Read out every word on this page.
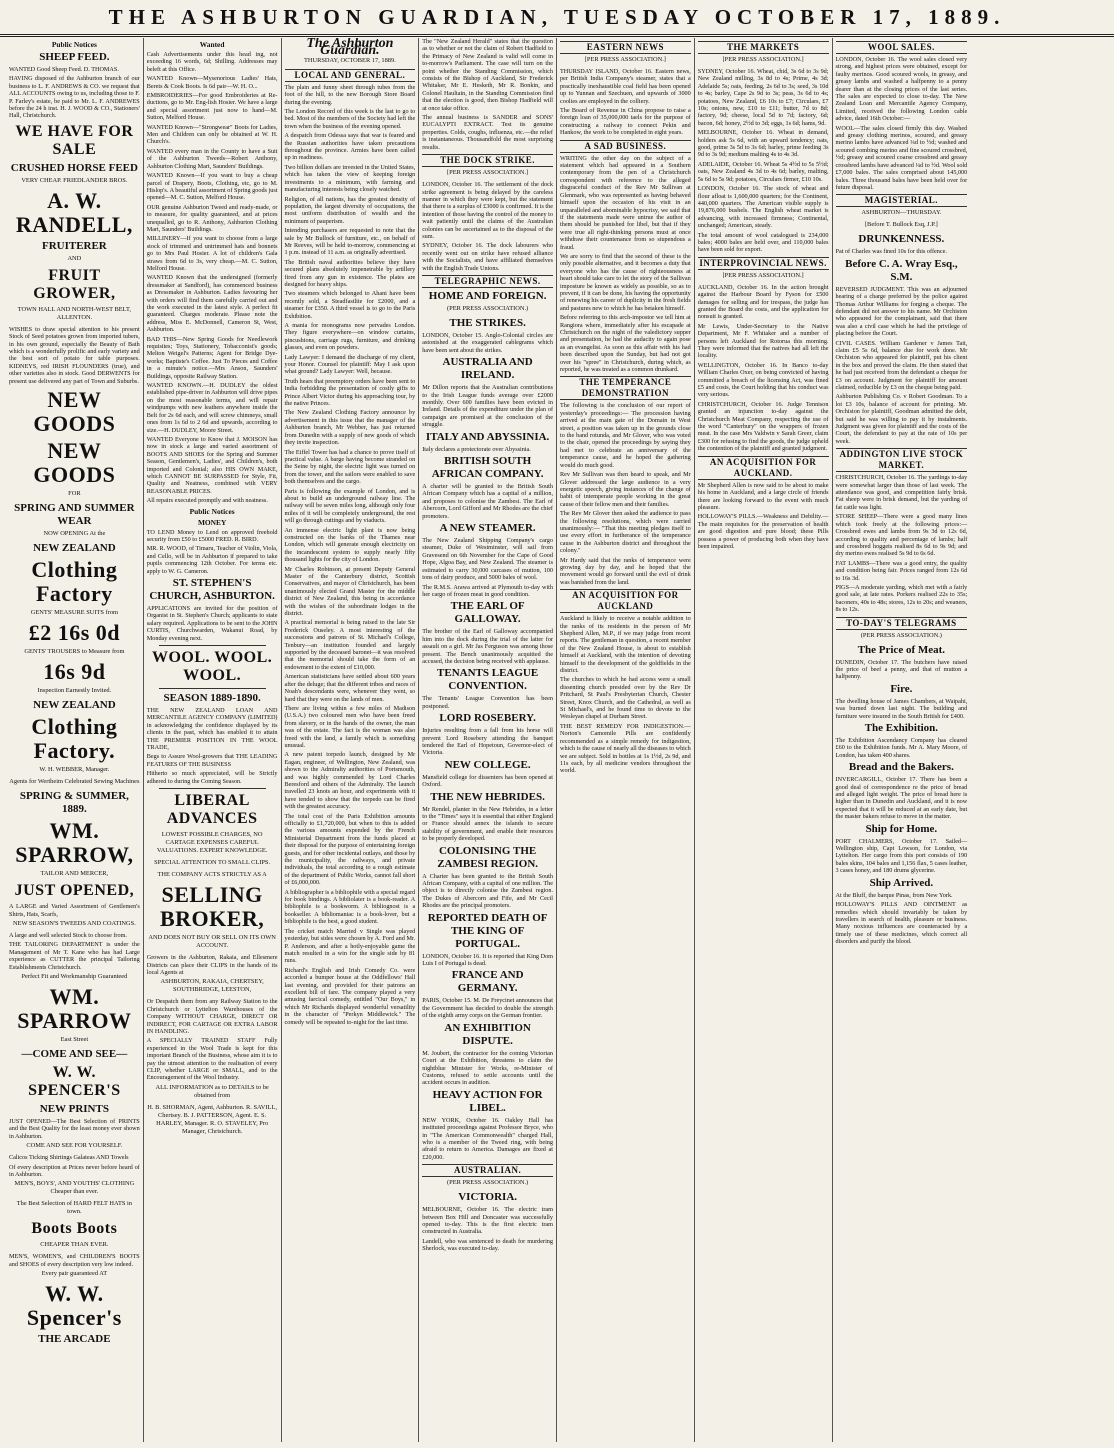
THE ASHBURTON GUARDIAN, TUESDAY OCTOBER 17, 1889.
Public Notices
SHEEP FEED.
WANTED Good Sheep Feed. D. THOMAS.
HAVING disposed of the Ashburton branch of our business to L. F. ANDREWS & CO. we request that ALL ACCOUNTS owing to us, including those to F. P. Farley's estate, be paid to Mr. L. F. ANDREWES before the 24 h inst. H. J. WOOD & CO., Stationers' Hall, Christchurch.
WE HAVE FOR SALE
CRUSHED HORSE FEED
VERY CHEAP. FRIEDLANDER BROS.
A. W. RANDELL,
FRUITERER
AND
FRUIT GROWER,
TOWN HALL AND NORTH-WEST BELT, ALLENTON.
WISHES to draw special attention to his present Stock of Seed potatoes grown from imported tubers, in his own ground, especially the Beauty of Bath which is a wonderfully prolific and early variety and the best sort of potato for table purposes. KIDNEYS, red IRISH FLOUNDERS (true), and other varieties also in stock. Good DERWENTS for present use delivered any part of Town and Suburbs.
NEW GOODS
NEW GOODS
FOR
SPRING AND SUMMER WEAR
NOW OPENING At the
NEW ZEALAND
Clothing Factory
GENTS' MEASURE SUITS from
£2 16s 0d
GENTS' TROUSERS to Measure from
16s 9d
Inspection Earnestly Invited.
NEW ZEALAND
Clothing Factory.
W. H. WEBBER, Manager.
Agents for Wertheim Celebrated Sewing Machines
SPRING & SUMMER, 1889.
WM. SPARROW,
TAILOR AND MERCER,
JUST OPENED,
A LARGE and Varied Assortment of Gentlemen's Shirts, Hats, Scarfs,
NEW SEASON'S TWEEDS AND COATINGS.
A large and well selected Stock to choose from.
THE TAILORING DEPARTMENT is under the Management of Mr T. Kane who has had Large experience as CUTTER the principal Tailoring Establishments Christchurch.
Perfect Fit and Workmanship Guaranteed
WM. SPARROW
East Street
—COME AND SEE—
W. W. SPENCER'S
NEW PRINTS
JUST OPENED—The Best Selection of PRINTS and the Best Quality for the least money ever shown in Ashburton.
COME AND SEE FOR YOURSELF.
Calicos Ticking Shirtings Galateas AND Towels
Of every description at Prices never before heard of in Ashburton.
MEN'S, BOYS', AND YOUTHS' CLOTHING Cheaper than ever.
The Best Selection of HARD FELT HATS in town.
Boots Boots
CHEAPER THAN EVER.
MEN'S, WOMEN'S, and CHILDREN'S BOOTS and SHOES of every description very low indeed.
Every pair guaranteed AT
W. W. Spencer's
THE ARCADE
Wanted
Cash Advertisements under this head ing, not exceeding 16 words, 6d; Shilling. Addresses may beleft at this Office.
WANTED Known—Mysenorious Ladies' Hats, Berets & Cook Boots. Is 6d pair—W. H. O...
EMBROIDERIES—For good Embroideries at Re-ductions, go to Mr. Eng-lish Hosier. We have a large and special assortment just now to hand—M. Sutton, Melford House.
WANTED Known—"Strongwear" Boots for Ladies, Men and Children can only be obtained at W. H. Church's.
WANTED every man in the County to have a Suit of the Ashburton Tweeds—Robert Anthony, Ashburton Clothing Mart, Saunders' Buildings.
WANTED Known—If you want to buy a cheap parcel of Drapery, Boots, Clothing, etc, go to M. Hislop's. A beautiful assortment of Spring goods just opened—M. C. Sutton, Melford House.
OUR genuine Ashburton Tweed and ready-made, or to measure, for quality guaranteed, and at prices unequalled, go to R. Anthony, Ashburton Clothing Mart, Saunders' Buildings.
MILLINERY—If you want to choose from a large stock of trimmed and untrimmed hats and bonnets go to Mrs Paul Hosier. A lot of children's Gala straws from 6d to 3s, very cheap.—M. C. Sutton, Melford House.
WANTED Known that the undersigned (formerly dressmaker at Sandford), has commenced business as Dressmaker in Ashburton. Ladies favouring her with orders will find them carefully carried out and the work executed in the latest style. A perfect fit guaranteed. Charges moderate. Please note the address, Miss E. McDonnell, Cameron St, West, Ashburton.
BAD THIS—New Spring Goods for Needlework requisites; Toys, Stationery, Tobacconist's goods; Melton Weigel's Patterns; Agent for Bridge Dye-works; Baptiste's Coffee. Just To Pieces and Coffee in a minute's notice.—Mrs Anson, Saunders' Buildings, opposite Railway Station.
WANTED KNOWN.—H. DUDLEY the oldest established pipe-driver in Ashburton will drive pipes on the most reasonable terms, and will repair windpumps with new leathers anywhere inside the Belt for 2s 6d each, and will screw chimneys, small ones from 1s 6d to 2 6d and upwards, according to size.—H. DUDLEY, Moore Street.
WANTED Everyone to Know that J. MOISON has now in stock a large and varied assortment of BOOTS AND SHOES for the Spring and Summer Season, Gentlemen's, Ladies', and Children's, both imported and Colonial; also HIS OWN MAKE, which CANNOT BE SURPASSED for Style, Fit, Quality and Neatness, combined with VERY REASONABLE PRICES.
All repairs executed promptly and with neatness.
Public Notices
MONEY
TO LEND Money to Lend on approved freehold security from £50 to £5000 FRED. R. BIRD.
MR. R. WOOD, of Timaru, Teacher of Violin, Viola, and Cello, will be in Ashburton if prepared to take pupils commencing 12th October. For terms etc. apply to W. G. Cameron.
ST. STEPHEN'S CHURCH, ASHBURTON.
APPLICATIONS are invited for the position of Organist in St. Stephen's Church; applicants to state salary required. Applications to be sent to the JOHN CURTIS, Churchwarden, Wakanui Road, by Monday evening next.
WOOL. WOOL. WOOL.
SEASON 1889-1890.
THE NEW ZEALAND LOAN AND MERCANTILE AGENCY COMPANY (LIMITED) in acknowledging the confidence displayed by its clients in the past, which has enabled it to attain THE PREMIER POSITION IN THE WOOL TRADE,
Begs to Assure Wool-growers that THE LEADING FEATURES OF THE BUSINESS
Hitherto so much appreciated, will be Strictly adhered to during the Coming Season.
LIBERAL ADVANCES
LOWEST POSSIBLE CHARGES, NO CARTAGE EXPENSES CAREFUL VALUATIONS. EXPERT KNOWLEDGE.
SPECIAL ATTENTION TO SMALL CLIPS.
THE COMPANY ACTS STRICTLY AS A
SELLING BROKER,
AND DOES NOT BUY OR SELL ON ITS OWN ACCOUNT.
Growers in the Ashburton, Rakaia, and Ellesmere Districts can place their CLIPS in the hands of its local Agents at
ASHBURTON, RAKAIA, CHERTSEY, SOUTHBRIDGE, LEESTON,
Or Despatch them from any Railway Station to the Christchurch or Lyttelton Warehouses of the Company WITHOUT CHARGE, DIRECT OR INDIRECT, FOR CARTAGE OR EXTRA LABOR IN HANDLING.
A SPECIALLY TRAINED STAFF Fully experienced in the Wool Trade is kept for this important Branch of the Business, whose aim it is to pay the utmost attention to the realisation of every CLIP, whether LARGE or SMALL, and to the Encouragement of the Wool Industry.
ALL INFORMATION as to DETAILS to be obtained from
H. B. SHORMAN, Agent, Ashburton. R. SAVILL, Chertsey. B. J. PATTERSON, Agent. E. S. HARLEY, Manager. R. O. STAVELEY, Pro Manager, Christchurch.
The Ashburton Guardian.
THURSDAY, OCTOBER 17, 1889.
LOCAL AND GENERAL.
The plain and funny sheet through tubes from the foot of the hill, to the new Borough Store Board during the evening.
The London Record of this week is the last to go to bed. Most of the members of the Society had left the town when the business of the evening opened.
A despatch from Odessa says that war is feared and the Russian authorities have taken precautions throughout the province. Armies have been called up in readiness.
Two billion dollars are invested in the United States, which has taken the view of keeping foreign investments to a minimum, with farming and manufacturing interests being closely watched.
Religion, of all nations, has the greatest density of population, the largest diversity of occupations, the most uniform distribution of wealth and the minimum of pauperism.
Intending purchasers are requested to note that the sale by Mr Bullock of furniture, etc., on behalf of Mr Reeves, will be held to-morrow, commencing at 1 p.m. instead of 11 a.m. as originally advertised.
The British naval authorities believe they have secured plans absolutely impenetrable by artillery fired from any gun in existence. The plates are designed for heavy ships.
Two steamers which belonged to Ahani have been recently sold, a Steadfastlite for £2000, and a steamer for £350. A third vessel is to go to the Paris Exhibition.
A mania for monograms now pervades London. They figure everywhere—on window curtains, pincushions, carriage rugs, furniture, and drinking glasses, and even on powders.
Lady Lawyer: I demand the discharge of my client, your Honor. Counsel for plaintiff: May I ask upon what ground? Lady Lawyer: Well, because.
Truth hears that preemptory orders have been sent to India forbidding the presentation of costly gifts to Prince Albert Victor during his approaching tour, by the native Princes.
The New Zealand Clothing Factory announce by advertisement in this issue that the manager of the Ashburton branch, Mr Webber, has just returned from Dunedin with a supply of new goods of which they invite inspection.
The Eiffel Tower has had a chance to prove itself of practical value. A barge having become stranded on the Seine by night, the electric light was turned on from the tower, and the sailors were enabled to save both themselves and the cargo.
Paris is following the example of London, and is about to build an underground railway line. The railway will be seven miles long, although only four miles of it will be completely underground, the rest will go through cuttings and by viaducts.
An immense electric light plant is now being constructed on the banks of the Thames near London, which will generate enough electricity on the incandescent system to supply nearly fifty thousand lights for the city of London.
Mr Charles Robinson, at present Deputy General Master of the Canterbury district, Scottish Conservatives, and mayor of Christchurch, has been unanimously elected Grand Master for the middle district of New Zealand, this being in accordance with the wishes of the subordinate lodges in the district.
A practical memorial is being raised to the late Sir Frederick Ouseley. A most interesting of the successions and patrons of St. Michael's College, Tenbury—an institution founded and largely supported by the deceased baronet—it was resolved that the memorial should take the form of an endowment to the extent of £10,000.
American statisticians have settled about 600 years after the deluge; that the different tribes and races of Noah's descendants were, whenever they went, so hard that they were on the lands of men.
There are living within a few miles of Madison (U.S.A.) two coloured men who have been freed from slavery, or in the hands of the owner, the man was of the estate. The fact is the woman was also freed with the land, a family which is something unusual.
A new patent torpedo launch, designed by Mr Eagan, engineer, of Wellington, New Zealand, was shown to the Admiralty authorities of Portsmouth, and was highly commended by Lord Charles Beresford and others of the Admiralty. The launch travelled 23 knots an hour, and experiments with it have tended to show that the torpedo can be fired with the greatest accuracy.
The total cost of the Paris Exhibition amounts officially to £1,720,000, but when to this is added the various amounts expended by the French Ministerial Department from the funds placed at their disposal for the purpose of entertaining foreign guests, and for other incidental outlays, and those by the municipality, the railways, and private individuals, the total according to a rough estimate of the department of Public Works, cannot fall short of £6,000,000.
A bibliographer is a bibliophile with a special regard for book bindings. A bibliolater is a book-reader. A bibliophile is a bookworm. A bibliognost is a bookseller. A bibliomaniac is a book-lover, but a bibliophile is the best, a good student.
The cricket match Married v Single was played yesterday, but sides were chosen by A. Ford and Mr. P. Anderson, and after a hotly-enjoyable game the match resulted in a win for the single side by 81 runs.
Richard's English and Irish Comedy Co. were accorded a bumper house at the Oddfellows' Hall last evening, and provided for their patrons an excellent bill of fare. The company played a very amusing farcical comedy, entitled "Our Boys," in which Mr Richards displayed wonderful versatility in the character of "Perkyn Middlewick." The comedy will be repeated to-night for the last time.
The "New Zealand Herald" states that the question as to whether or not the claim of Robert Hadfield to the Primacy of New Zealand is valid will come in to-morrow's Parliament. The case will turn on the point whether the Standing Commission, which consists of the Bishop of Auckland, Sir Frederick Whitaker, Mr E. Hesketh, Mr R. Bonkin, and Colonel Haultain, in the Standing Commission find that the election is good, then Bishop Hadfield will at once take office.
The annual business is SANDER and SONS' EUCALYPTI EXTRACT. Test its genuine properties. Colds, coughs, influenza, etc.—the relief is instantaneous. Thousandfold the most surprising results.
THE DOCK STRIKE.
[PER PRESS ASSOCIATION.]
LONDON, October 16. The settlement of the dock strike agreement is being delayed by the careless manner in which they were kept, but the statement that there is a surplus of £3000 is confirmed. It is the intention of those having the control of the money to wait patiently until the claims of the Australian colonies can be ascertained as to the disposal of the sum.
SYDNEY, October 16. The dock labourers who recently went out on strike have refused alliance with the Socialists, and have affiliated themselves with the English Trade Unions.
TELEGRAPHIC NEWS.
HOME AND FOREIGN.
(PER PRESS ASSOCIATION.)
THE STRIKES.
LONDON, October 15. Anglo-Colonial circles are astonished at the exaggerated cablegrams which have been sent about the strikes.
AUSTRALIA AND IRELAND.
Mr Dillon reports that the Australian contributions to the Irish League funds average over £2000 monthly. Over 600 families have been evicted in Ireland. Details of the expenditure under the plan of campaign are promised at the conclusion of the struggle.
ITALY AND ABYSSINIA.
Italy declares a protectorate over Abyssinia.
BRITISH SOUTH AFRICAN COMPANY.
A charter will be granted to the British South African Company which has a capital of a million, and proposes to colonise the Zambesi. The Earl of Abercorn, Lord Gifford and Mr Rhodes are the chief promoters.
A NEW STEAMER.
The New Zealand Shipping Company's cargo steamer, Duke of Westminster, will sail from Gravesend on 6th November for the Cape of Good Hope, Algoa Bay, and New Zealand. The steamer is estimated to carry 30,000 carcases of mutton, 100 tons of dairy produce, and 5000 bales of wool.
The R.M.S. Arawa arrived at Plymouth to-day with her cargo of frozen meat in good condition.
THE EARL OF GALLOWAY.
The brother of the Earl of Galloway accompanied him into the dock during the trial of the latter for assault on a girl. Mr Jas Ferguson was among those present. The Bench unanimously acquitted the accused, the decision being received with applause.
TENANTS LEAGUE CONVENTION.
The Tenants' League Convention has been postponed.
LORD ROSEBERY.
Injuries resulting from a fall from his horse will prevent Lord Rosebery attending the banquet tendered the Earl of Hopetoun, Governor-elect of Victoria.
NEW COLLEGE.
Mansfield college for dissenters has been opened at Oxford.
THE NEW HEBRIDES.
Mr Rendel, planter in the New Hebrides, in a letter to the "Times" says it is essential that either England or France should annex the islands to secure stability of government, and enable their resources to be properly developed.
COLONISING THE ZAMBESI REGION.
A Charter has been granted to the British South African Company, with a capital of one million. The object is to directly colonise the Zambesi region. The Dukes of Abercorn and Fife, and Mr Cecil Rhodes are the principal promoters.
REPORTED DEATH OF THE KING OF PORTUGAL.
LONDON, October 16. It is reported that King Dom Luis I of Portugal is dead.
FRANCE AND GERMANY.
PARIS, October 15. M. De Freycinet announces that the Government has decided to double the strength of the eighth army corps on the German frontier.
AN EXHIBITION DISPUTE.
M. Joubert, the contractor for the coming Victorian Court at the Exhibition, threatens to claim the nightblue Minister for Works, re-Minister of Customs, refused to settle accounts until the accident occurs in audition.
HEAVY ACTION FOR LIBEL.
NEW YORK, October 16. Oakley Hall has instituted proceedings against Professor Bryce, who in "The American Commonwealth" charged Hall, who is a member of the Tweed ring, with being afraid to return to America. Damages are fixed at £20,000.
AUSTRALIAN.
(PER PRESS ASSOCIATION.)
VICTORIA.
MELBOURNE, October 16. The electric tram between Box Hill and Doncaster was successfully opened to-day. This is the first electric tram constructed in Australia.
Landell, who was sentenced to death for murdering Sherlock, was executed to-day.
EASTERN NEWS
[PER PRESS ASSOCIATION.]
THURSDAY ISLAND, October 16. Eastern news, per British India Company's steamer, states that a practically inexhaustible coal field has been opened up to Yunnan and Szechuen, and upwards of 3000 coolies are employed in the colliery.
The Board of Revenue in China propose to raise a foreign loan of 35,000,000 taels for the purpose of constructing a railway to connect Pekin and Hankow, the work to be completed in eight years.
A SAD BUSINESS.
WRITING the other day on the subject of a statement which had appeared in a Southern contemporary from the pen of a Christchurch correspondent with reference to the alleged disgraceful conduct of the Rev Mr Sullivan at Glenmark, who was represented as having behaved himself upon the occasion of his visit in an unparalleled and abominable hypocrisy, we said that if the statements made were untrue the author of them should be punished for libel, but that if they were true all right-thinking persons must at once withdraw their countenance from so stupendous a fraud.
We are sorry to find that the second of these is the only possible alternative, and it becomes a duty that everyone who has the cause of righteousness at heart should take care to let the story of the Sullivan imposture be known as widely as possible, so as to prevent, if it can be done, his having the opportunity of renewing his career of duplicity in the fresh fields and pastures new to which he has betaken himself.
Before referring to this arch-impostor we tell him at Rangiora where, immediately after his escapade at Christchurch on the night of the valedictory supper and presentation, he had the audacity to again pose as an evangelist. As soon as this affair with his had been described upon the Sunday, but had not got over his "spree" in Christchurch, during which, as reported, he was treated as a common drunkard.
THE TEMPERANCE DEMONSTRATION
The following is the conclusion of our report of yesterday's proceedings:— The procession having arrived at the main gate of the Domain in West street, a position was taken up in the grounds close to the band rotunda, and Mr Glover, who was voted to the chair, opened the proceedings by saying they had met to celebrate an anniversary of the temperance cause, and he hoped the gathering would do much good.
Rev Mr Sullivan was then heard to speak, and Mr Glover addressed the large audience in a very energetic speech, giving instances of the change of habit of intemperate people working in the great cause of their fellow men and their families.
The Rev Mr Glover then asked the audience to pass the following resolutions, which were carried unanimously:— "That this meeting pledges itself to use every effort in furtherance of the temperance cause in the Ashburton district and throughout the colony."
Mr Hardy said that the ranks of temperance were growing day by day, and he hoped that the movement would go forward until the evil of drink was banished from the land.
AN ACQUISITION FOR AUCKLAND
Auckland is likely to receive a notable addition to the ranks of its residents in the person of Mr Shepherd Allen, M.P., if we may judge from recent reports. The gentleman in question, a recent member of the New Zealand House, is about to establish himself at Auckland, with the intention of devoting himself to the development of the goldfields in the district.
The churches to which he had access were a small dissenting church presided over by the Rev Dr Pritchard, St Paul's Presbyterian Church, Chester Street, Knox Church, and the Cathedral, as well as St Michael's, and he found time to devote to the Wesleyan chapel at Durham Street.
THE BEST REMEDY FOR INDIGESTION.—Norton's Camomile Pills are confidently recommended as a simple remedy for indigestion, which is the cause of nearly all the diseases to which we are subject. Sold in bottles at 1s 1½d, 2s 9d, and 11s each, by all medicine vendors throughout the world.
THE MARKETS
[PER PRESS ASSOCIATION.]
SYDNEY, October 16. Wheat, chid, 3s 6d to 3s 9d; New Zealand milling, 3s 8d to 4s; Prime, 4s 3d; Adelaide 5s; oats, feeding, 2s 6d to 3s; seed, 3s 10d to 4s; barley, Cape 2s 9d to 3s; peas, 3s 6d to 4s; potatoes, New Zealand, £6 10s to £7; Circulars, £7 10s; onions, new, £10 to £11; butter, 7d to 8d; factory, 9d; cheese, local 5d to 7d; factory, 6d; bacon, 6d; honey, 2½d to 3d; eggs, 1s 6d; hams, 9d.
MELBOURNE, October 16. Wheat in demand, holders ask 5s 6d, with an upward tendency; oats, good, prime 3s 5d to 3s 6d; barley, prime feeding 3s 9d to 3s 9d; medium malting 4s to 4s 3d.
ADELAIDE, October 16. Wheat 5s 4½d to 5s 5½d; oats, New Zealand 4s 3d to 4s 6d; barley, malting, 5s 6d to 5s 9d; potatoes, Circulars firmer, £10 10s.
LONDON, October 16. The stock of wheat and flour afloat is 1,600,000 quarters; for the Continent, 440,000 quarters. The American visible supply is 19,876,000 bushels. The English wheat market is advancing, with increased firmness; Continental, unchanged; American, steady.
The total amount of wool catalogued is 234,000 bales; 4000 bales are held over, and 110,000 bales have been sold for export.
INTERPROVINCIAL NEWS.
[PER PRESS ASSOCIATION.]
AUCKLAND, October 16. In the action brought against the Harbour Board by Fyson for £500 damages for selling and for trespass, the judge has granted the Board the costs, and the application for nonsuit is granted.
Mr Lewis, Under-Secretary to the Native Department, Mr F. Whitaker and a number of persons left Auckland for Rotorua this morning. They were informed that the natives had all left the locality.
WELLINGTON, October 16. In Banco to-day William Charles Oxer, on being convicted of having committed a breach of the licensing Act, was fined £5 and costs, the Court holding that his conduct was very serious.
CHRISTCHURCH, October 16. Judge Tennison granted an injunction to-day against the Christchurch Meat Company, respecting the use of the word "Canterbury" on the wrappers of frozen meat. In the case Mrs Valdwin v Sarah Greer, claim £300 for refusing to find the goods, the judge upheld the contention of the plaintiff and granted judgment.
AN ACQUISITION FOR AUCKLAND.
Mr Shepherd Allen is now said to be about to make his home in Auckland, and a large circle of friends there are looking forward to the event with much pleasure.
HOLLOWAY'S PILLS.—Weakness and Debility.—The main requisites for the preservation of health are good digestion and pure blood; these Pills possess a power of producing both when they have been impaired.
WOOL SALES.
LONDON, October 16. The wool sales closed very strong, and highest prices were obtained, except for faulty merinos. Good scoured wools, in greasy, and greasy lambs and washed a halfpenny to a penny dearer than at the closing prices of the last series. The sales are expected to close to-day. The New Zealand Loan and Mercantile Agency Company, Limited, received the following London cable advice, dated 16th October:—
WOOL—The sales closed firmly this day. Washed and greasy clothing merinos, scoured, and greasy merino lambs have advanced ¼d to ½d; washed and scoured combing merino and fine scoured crossbred, ½d; greasy and scoured coarse crossbred and greasy crossbred lambs have advanced ¼d to ½d. Wool sold £7,000 bales. The sales comprised about 145,000 bales. Three thousand bales have been held over for future disposal.
MAGISTERIAL.
ASHBURTON—THURSDAY.
[Before T. Bullock Esq, J.P.]
DRUNKENNESS.
Pat of Charles was fined 10s for this offence.
Before C. A. Wray Esq., S.M.
REVERSED JUDGMENT. This was an adjourned hearing of a charge preferred by the police against Thomas Arthur Williams for forging a cheque. The defendant did not answer to his name. Mr Orchiston who appeared for the complainant, said that there was also a civil case which he had the privilege of placing before the Court.
CIVIL CASES. William Gardener v James Tait, claim £5 5s 6d, balance due for work done. Mr Orchiston who appeared for plaintiff, put his client in the box and proved the claim. He then stated that he had just received from the defendant a cheque for £3 on account. Judgment for plaintiff for amount claimed, reducible by £3 on the cheque being paid.
Ashburton Publishing Co. v Robert Goodman. To a lot £3 10s, balance of account for printing. Mr. Orchiston for plaintiff, Goodman admitted the debt, but said he was willing to pay it by instalments. Judgment was given for plaintiff and the costs of the Court, the defendant to pay at the rate of 10s per week.
ADDINGTON LIVE STOCK MARKET.
CHRISTCHURCH, October 16. The yardings to-day were somewhat larger than those of last week. The attendance was good, and competition fairly brisk. Fat sheep were in brisk demand, but the yarding of fat cattle was light.
STORE SHEEP—There were a good many lines which took freely at the following prices:—Crossbred ewes and lambs from 9s 3d to 12s 6d, according to quality and percentage of lambs; half and crossbred hoggets realised 8s 6d to 9s 9d; and dry merino ewes realised 5s 9d to 6s 6d.
FAT LAMBS—There was a good entry, the quality and condition being fair. Prices ranged from 12s 6d to 16s 3d.
PIGS—A moderate yarding, which met with a fairly good sale, at late rates. Porkers realised 22s to 35s; baconers, 40s to 48s; stores, 12s to 20s; and weaners, 8s to 12s.
TO-DAY'S TELEGRAMS
(PER PRESS ASSOCIATION.)
The Price of Meat.
DUNEDIN, October 17. The butchers have raised the price of beef a penny, and that of mutton a halfpenny.
Fire.
The dwelling house of James Chambers, at Waipahi, was burned down last night. The building and furniture were insured in the South British for £400.
The Exhibition.
The Exhibition Ascendancy Company has cleared £60 to the Exhibition funds. Mr A. Mary Moore, of London, has taken 400 shares.
Bread and the Bakers.
INVERCARGILL, October 17. There has been a good deal of correspondence re the price of bread and alleged light weight. The price of bread here is higher than in Dunedin and Auckland, and it is now expected that it will be reduced at an early date, but the master bakers refuse to move in the matter.
Ship for Home.
PORT CHALMERS, October 17. Sailed—Wellington ship, Capt Lowson, for London, via Lyttelton. Her cargo from this port consists of 190 bales skins, 104 bales and 1,156 flax, 5 cases leather, 3 cases honey, and 180 drums glycerine.
Ship Arrived.
At the Bluff, the barque Pinas, from New York.
HOLLOWAY'S PILLS AND OINTMENT as remedies which should invariably be taken by travellers in search of health, pleasure or business. Many noxious influences are counteracted by a timely use of these medicines, which correct all disorders and purify the blood.
